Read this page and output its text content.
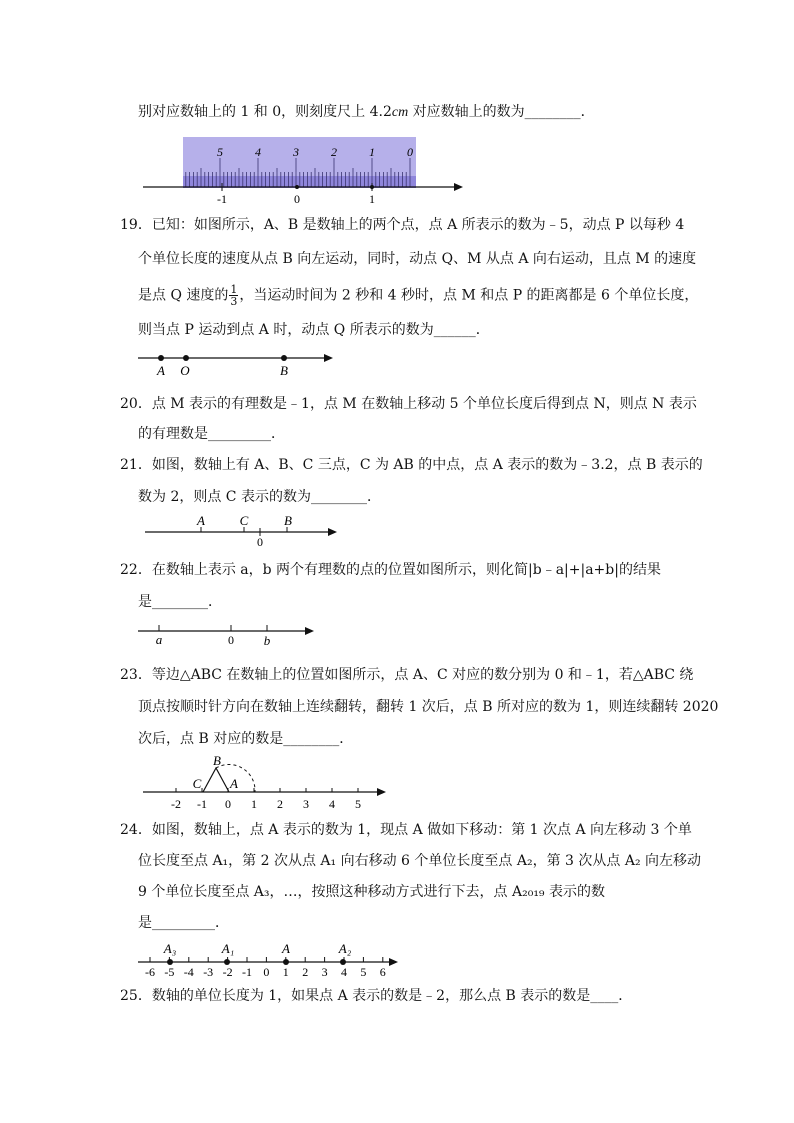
别对应数轴上的 1 和 0，则刻度尺上 4.2cm 对应数轴上的数为________．
5	4	3	2	1	0
-1	0	1
19．已知：如图所示，A、B 是数轴上的两个点，点 A 所表示的数为﹣5，动点 P 以每秒 4
个单位长度的速度从点 B 向左运动，同时，动点 Q、M 从点 A 向右运动，且点 M 的速度
是点 Q 速度的 $\frac{1}{3}$ ，当运动时间为 2 秒和 4 秒时，点 M 和点 P 的距离都是 6 个单位长度，
则当点 P 运动到点 A 时，动点 Q 所表示的数为______．
A O	B
20．点 M 表示的有理数是﹣1，点 M 在数轴上移动 5 个单位长度后得到点 N，则点 N 表示
的有理数是_________．
21．如图，数轴上有 A、B、C 三点，C 为 AB 的中点，点 A 表示的数为﹣3.2，点 B 表示的
数为 2，则点 C 表示的数为________．
A	C	B
0
22．在数轴上表示 a，b 两个有理数的点的位置如图所示，则化简|b﹣a|+|a+b|的结果
是________．
a	0 b
23．等边△ABC 在数轴上的位置如图所示，点 A、C 对应的数分别为 0 和﹣1，若△ABC 绕
顶点按顺时针方向在数轴上连续翻转，翻转 1 次后，点 B 所对应的数为 1，则连续翻转 2020
次后，点 B 对应的数是________．
-2 -1 0 1 2 3 4 5
B
C A
24．如图，数轴上，点 A 表示的数为 1，现点 A 做如下移动：第 1 次点 A 向左移动 3 个单
位长度至点 A₁，第 2 次从点 A₁ 向右移动 6 个单位长度至点 A₂，第 3 次从点 A₂ 向左移动
9 个单位长度至点 A₃，…，按照这种移动方式进行下去，点 A₂₀₁₉ 表示的数
是_________．
-6 -5 -4 -3 -2 -1 0 1 2 3 4 5 6
A₃	A₁	A	A₂
25．数轴的单位长度为 1，如果点 A 表示的数是﹣2，那么点 B 表示的数是____．
